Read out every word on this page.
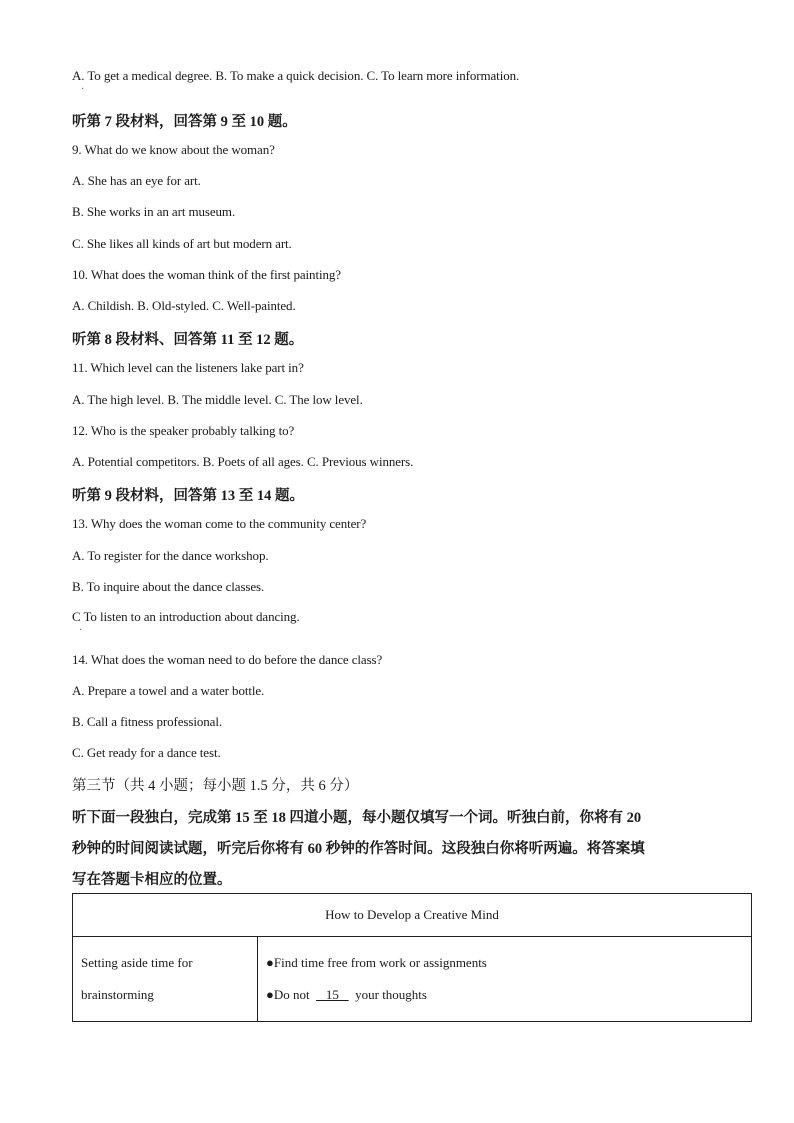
A. To get a medical degree. B. To make a quick decision. C. To learn more information.
·
听第 7 段材料，回答第 9 至 10 题。
9. What do we know about the woman?
A. She has an eye for art.
B. She works in an art museum.
C. She likes all kinds of art but modern art.
10. What does the woman think of the first painting?
A. Childish. B. Old-styled. C. Well-painted.
听第 8 段材料、回答第 11 至 12 题。
11. Which level can the listeners lake part in?
A. The high level. B. The middle level. C. The low level.
12. Who is the speaker probably talking to?
A. Potential competitors. B. Poets of all ages. C. Previous winners.
听第 9 段材料，回答第 13 至 14 题。
13. Why does the woman come to the community center?
A. To register for the dance workshop.
B. To inquire about the dance classes.
C To listen to an introduction about dancing.
·
14. What does the woman need to do before the dance class?
A. Prepare a towel and a water bottle.
B. Call a fitness professional.
C. Get ready for a dance test.
第三节（共 4 小题；每小题 1.5 分，共 6 分）
听下面一段独白，完成第 15 至 18 四道小题，每小题仅填写一个词。听独白前，你将有 20
秒钟的时间阅读试题，听完后你将有 60 秒钟的作答时间。这段独白你将听两遍。将答案填
写在答题卡相应的位置。
How to Develop a Creative Mind

Setting aside time for
brainstorming

●Find time free from work or assignments
●Do not     15     your thoughts
